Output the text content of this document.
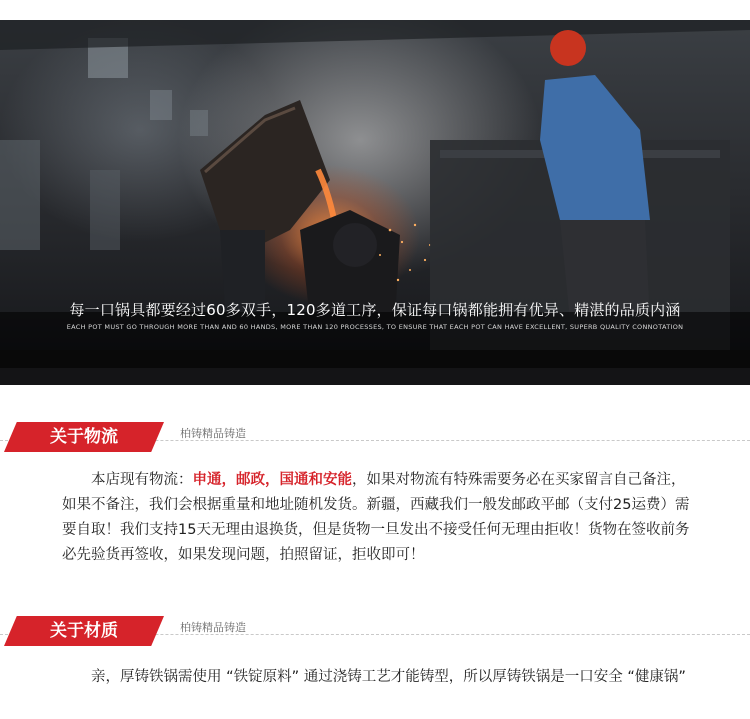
每一口锅具都要经过60多双手，120多道工序，保证每口锅都能拥有优异、精湛的品质内涵
EACH POT MUST GO THROUGH MORE THAN AND 60 HANDS, MORE THAN 120 PROCESSES, TO ENSURE THAT EACH POT CAN HAVE EXCELLENT, SUPERB QUALITY CONNOTATION
关于物流	柏铸精品铸造
本店现有物流：申通，邮政，国通和安能，如果对物流有特殊需要务必在买家留言自己备注，如果不备注，我们会根据重量和地址随机发货。新疆，西藏我们一般发邮政平邮（支付25运费）需要自取！我们支持15天无理由退换货，但是货物一旦发出不接受任何无理由拒收！货物在签收前务必先验货再签收，如果发现问题，拍照留证，拒收即可！
关于材质	柏铸精品铸造
亲，厚铸铁锅需使用 “铁锭原料” 通过浇铸工艺才能铸型，所以厚铸铁锅是一口安全 “健康锅”
